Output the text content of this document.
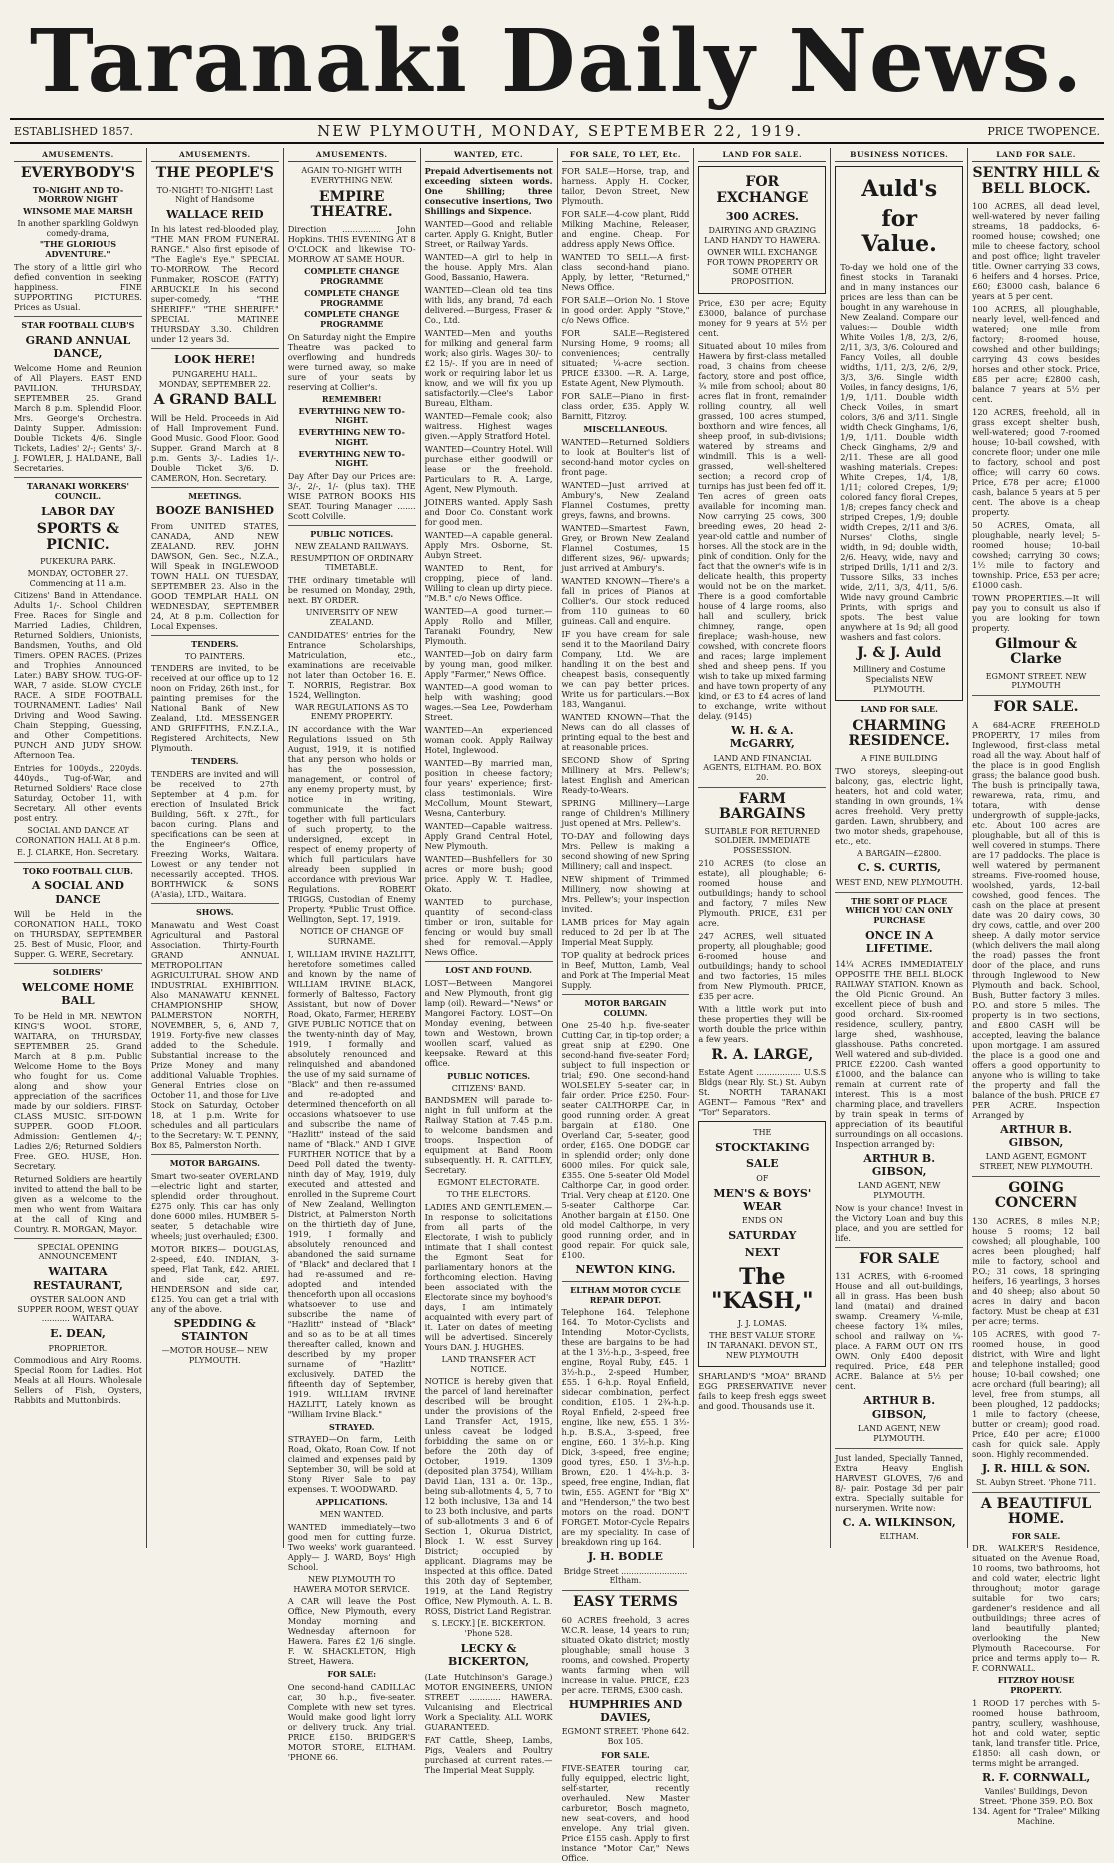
Taranaki Daily News.
ESTABLISHED 1857.	NEW PLYMOUTH, MONDAY, SEPTEMBER 22, 1919.	PRICE TWOPENCE.
AMUSEMENTS.
EVERYBODY'S
TO-NIGHT AND TO-MORROW NIGHT
WINSOME MAE MARSH
In another sparkling Goldwyn comedy-drama,
"THE GLORIOUS ADVENTURE."
The story of a little girl who defied convention in seeking happiness. FINE SUPPORTING PICTURES. Prices as Usual.
STAR FOOTBALL CLUB'S
GRAND ANNUAL DANCE,
Welcome Home and Reunion of All Players. EAST END PAVILION. THURSDAY, SEPTEMBER 25. Grand March 8 p.m. Splendid Floor. Mrs. George's Orchestra. Dainty Supper. Admission: Double Tickets 4/6. Single Tickets, Ladies' 2/-; Gents' 3/-. J. FOWLER, J. HALDANE, Ball Secretaries.
TARANAKI WORKERS' COUNCIL.
LABOR DAY
SPORTS & PICNIC.
PUKEKURA PARK.
MONDAY, OCTOBER 27. Commencing at 11 a.m.
Citizens' Band in Attendance. Adults 1/-. School Children Free. Races for Single and Married Ladies, Children, Returned Soldiers, Unionists, Bandsmen, Youths, and Old Timers. OPEN RACES. (Prizes and Trophies Announced Later.) BABY SHOW. TUG-OF-WAR, 7 aside. SLOW CYCLE RACE. A SIDE FOOTBALL TOURNAMENT. Ladies' Nail Driving and Wood Sawing. Chain Stepping, Guessing, and Other Competitions. PUNCH AND JUDY SHOW. Afternoon Tea.
Entries for 100yds., 220yds. 440yds., Tug-of-War, and Returned Soldiers' Race close Saturday, October 11, with Secretary. All other events post entry.
SOCIAL AND DANCE AT CORONATION HALL At 8 p.m.
E. J. CLARKE, Hon. Secretary.
TOKO FOOTBALL CLUB.
A SOCIAL AND DANCE
Will be Held in the CORONATION HALL, TOKO on THURSDAY, SEPTEMBER 25. Best of Music, Floor, and Supper. G. WERE, Secretary.
SOLDIERS'
WELCOME HOME BALL
To be Held in MR. NEWTON KING'S WOOL STORE, WAITARA, on THURSDAY, SEPTEMBER 25. Grand March at 8 p.m. Public Welcome Home to the Boys who fought for us. Come along and show your appreciation of the sacrifices made by our soldiers. FIRST-CLASS MUSIC. SIT-DOWN SUPPER. GOOD FLOOR. Admission: Gentlemen 4/-; Ladies 2/6; Returned Soldiers Free. GEO. HUSE, Hon. Secretary.
Returned Soldiers are heartily invited to attend the ball to be given as a welcome to the men who went from Waitara at the call of King and Country. R. MORGAN, Mayor.
SPECIAL OPENING ANNOUNCEMENT
WAITARA RESTAURANT,
OYSTER SALOON AND SUPPER ROOM, WEST QUAY ........... WAITARA.
E. DEAN,
PROPRIETOR.
Commodious and Airy Rooms. Special Room for Ladies. Hot Meals at all Hours. Wholesale Sellers of Fish, Oysters, Rabbits and Muttonbirds.
AMUSEMENTS.
THE PEOPLE'S
TO-NIGHT! TO-NIGHT! Last Night of Handsome
WALLACE REID
In his latest red-blooded play, "THE MAN FROM FUNERAL RANGE." Also first episode of "The Eagle's Eye." SPECIAL TO-MORROW. The Record Funmaker, ROSCOE (FATTY) ARBUCKLE In his second super-comedy, "THE SHERIFF." "THE SHERIFF." SPECIAL MATINEE THURSDAY 3.30. Children under 12 years 3d.
LOOK HERE!
PUNGAREHU HALL. MONDAY, SEPTEMBER 22.
A GRAND BALL
Will be Held. Proceeds in Aid of Hall Improvement Fund. Good Music. Good Floor. Good Supper. Grand March at 8 p.m. Gents 3/-. Ladies 1/-. Double Ticket 3/6. D. CAMERON, Hon. Secretary.
MEETINGS.
BOOZE BANISHED
From UNITED STATES, CANADA, AND NEW ZEALAND. REV. JOHN DAWSON, Gen. Sec., N.Z.A., Will Speak in INGLEWOOD TOWN HALL ON TUESDAY, SEPTEMBER 23. Also in the GOOD TEMPLAR HALL ON WEDNESDAY, SEPTEMBER 24, At 8 p.m. Collection for Local Expenses.
TENDERS.
TO PAINTERS.
TENDERS are invited, to be received at our office up to 12 noon on Friday, 26th inst., for painting premises for the National Bank of New Zealand, Ltd. MESSENGER AND GRIFFITHS, F.N.Z.I.A., Registered Architects, New Plymouth.
TENDERS.
TENDERS are invited and will be received to 27th September at 4 p.m. for erection of Insulated Brick Building, 56ft. x 27ft., for bacon curing. Plans and specifications can be seen at the Engineer's Office, Freezing Works, Waitara. Lowest or any tender not necessarily accepted. THOS. BORTHWICK & SONS (A'asia), LTD., Waitara.
SHOWS.
Manawatu and West Coast Agricultural and Pastoral Association. Thirty-Fourth GRAND ANNUAL METROPOLITAN AGRICULTURAL SHOW AND INDUSTRIAL EXHIBITION. Also MANAWATU KENNEL CHAMPIONSHIP SHOW, PALMERSTON NORTH, NOVEMBER, 5, 6, AND 7, 1919. Forty-five new classes added to the Schedule. Substantial increase to the Prize Money and many additional Valuable Trophies. General Entries close on October 11, and those for Live Stock on Saturday, October 18, at 1 p.m. Write for schedules and all particulars to the Secretary: W. T. PENNY, Box 85, Palmerston North.
MOTOR BARGAINS.
Smart two-seater OVERLAND—electric light and starter, splendid order throughout. £275 only. This car has only done 6000 miles. HUMBER 5-seater, 5 detachable wire wheels; just overhauled; £300.
MOTOR BIKES— DOUGLAS, 2-speed, £40. INDIAN, 3-speed, Flat Tank, £42. ARIEL and side car, £97. HENDERSON and side car, £125. You can get a trial with any of the above.
SPEDDING & STAINTON
—MOTOR HOUSE— NEW PLYMOUTH.
AMUSEMENTS.
AGAIN TO-NIGHT WITH EVERYTHING NEW.
EMPIRE THEATRE.
Direction ............... John Hopkins. THIS EVENING AT 8 O'CLOCK and likewise TO-MORROW AT SAME HOUR.
COMPLETE CHANGE PROGRAMME
COMPLETE CHANGE PROGRAMME
COMPLETE CHANGE PROGRAMME
On Saturday night the Empire Theatre was packed to overflowing and hundreds were turned away, so make sure of your seats by reserving at Collier's.
REMEMBER!
EVERYTHING NEW TO-NIGHT.
EVERYTHING NEW TO-NIGHT.
EVERYTHING NEW TO-NIGHT.
Day After Day our Prices are: 3/-, 2/-, 1/- (plus tax). THE WISE PATRON BOOKS HIS SEAT. Touring Manager ....... Scott Colville.
PUBLIC NOTICES.
NEW ZEALAND RAILWAYS.
RESUMPTION OF ORDINARY TIMETABLE.
THE ordinary timetable will be resumed on Monday, 29th, next. BY ORDER.
UNIVERSITY OF NEW ZEALAND.
CANDIDATES' entries for the Entrance Scholarships, Matriculation, etc., examinations are receivable not later than October 16. E. T. NORRIS, Registrar. Box 1524, Wellington.
WAR REGULATIONS AS TO ENEMY PROPERTY.
IN accordance with the War Regulations issued on 5th August, 1919, it is notified that any person who holds or has the possession, management, or control of any enemy property must, by notice in writing, communicate the fact together with full particulars of such property, to the undersigned, except in respect of enemy property of which full particulars have already been supplied in accordance with previous War Regulations. ROBERT TRIGGS, Custodian of Enemy Property. *Public Trust Office. Wellington, Sept. 17, 1919.
NOTICE OF CHANGE OF SURNAME.
I, WILLIAM IRVINE HAZLITT, heretofore sometimes called and known by the name of WILLIAM IRVINE BLACK, formerly of Baltesso, Factory Assistant, but now of Dover Road, Okato, Farmer, HEREBY GIVE PUBLIC NOTICE that on the twenty-ninth day of May, 1919, I formally and absolutely renounced and relinquished and abandoned the use of my said surname of "Black" and then re-assumed and re-adopted and determined thenceforth on all occasions whatsoever to use and subscribe the name of "Hazlitt" instead of the said name of "Black." AND I GIVE FURTHER NOTICE that by a Deed Poll dated the twenty-ninth day of May, 1919, duly executed and attested and enrolled in the Supreme Court of New Zealand, Wellington District, at Palmerston North on the thirtieth day of June, 1919, I formally and absolutely renounced and abandoned the said surname of "Black" and declared that I had re-assumed and re-adopted and intended thenceforth upon all occasions whatsoever to use and subscribe the name of "Hazlitt" instead of "Black" and so as to be at all times thereafter called, known and described by my proper surname of "Hazlitt" exclusively. DATED the fifteenth day of September, 1919. WILLIAM IRVINE HAZLITT, Lately known as "William Irvine Black."
STRAYED.
STRAYED—On farm, Leith Road, Okato, Roan Cow. If not claimed and expenses paid by September 30, will be sold at Stony River Sale to pay expenses. T. WOODWARD.
APPLICATIONS.
MEN WANTED.
WANTED immediately—two good men for cutting furze. Two weeks' work guaranteed. Apply— J. WARD, Boys' High School.
NEW PLYMOUTH TO HAWERA MOTOR SERVICE.
A CAR will leave the Post Office, New Plymouth, every Monday morning and Wednesday afternoon for Hawera. Fares £2 1/6 single. F. W. SHACKLETON, High Street, Hawera.
FOR SALE:
One second-hand CADILLAC car, 30 h.p., five-seater. Complete with new set tyres. Would make good light lorry or delivery truck. Any trial. PRICE £150. BRIDGER'S MOTOR STORE, ELTHAM. 'PHONE 66.
WANTED, ETC.
Prepaid Advertisements not exceeding sixteen words. One Shilling; three consecutive insertions, Two Shillings and Sixpence.

WANTED—Good and reliable carter. Apply G. Knight, Butler Street, or Railway Yards.

WANTED—A girl to help in the house. Apply Mrs. Alan Good, Bassanio, Hawera.

WANTED—Clean old tea tins with lids, any brand, 7d each delivered.—Burgess, Fraser & Co., Ltd.

WANTED—Men and youths for milking and general farm work; also girls. Wages 30/- to £2 15/-. If you are in need of work or requiring labor let us know, and we will fix you up satisfactorily.—Clee's Labor Bureau, Eltham.

WANTED—Female cook; also waitress. Highest wages given.—Apply Stratford Hotel.

WANTED—Country Hotel. Will purchase either goodwill or lease or the freehold. Particulars to R. A. Large, Agent, New Plymouth.

JOINERS wanted. Apply Sash and Door Co. Constant work for good men.

WANTED—A capable general. Apply Mrs. Osborne, St. Aubyn Street.

WANTED to Rent, for cropping, piece of land. Willing to clean up dirty piece. "M.B." c/o News Office.

WANTED—A good turner.—Apply Rollo and Miller, Taranaki Foundry, New Plymouth.

WANTED—Job on dairy farm by young man, good milker. Apply "Farmer," News Office.

WANTED—A good woman to help with washing; good wages.—Sea Lee, Powderham Street.

WANTED—An experienced woman cook. Apply Railway Hotel, Inglewood.

WANTED—By married man, position in cheese factory; four years' experience; first-class testimonials. Wire McCollum, Mount Stewart, Wesna, Canterbury.

WANTED—Capable waitress. Apply Grand Central Hotel, New Plymouth.

WANTED—Bushfellers for 30 acres or more bush; good price. Apply W. T. Hadlee, Okato.

WANTED to purchase, quantity of second-class timber or iron, suitable for fencing or would buy small shed for removal.—Apply News Office.

LOST AND FOUND.
LOST—Between Mangorei and New Plymouth, front gig lamp (oil). Reward—"News" or Mangorei Factory. LOST—On Monday evening, between town and Westown, brown woollen scarf, valued as keepsake. Reward at this office.
PUBLIC NOTICES.
CITIZENS' BAND.
BANDSMEN will parade to-night in full uniform at the Railway Station at 7.45 p.m. to welcome bandsmen and troops. Inspection of equipment at Band Room subsequently. H. R. CATTLEY, Secretary.
EGMONT ELECTORATE.
TO THE ELECTORS.
LADIES AND GENTLEMEN.—In response to solicitations from all parts of the Electorate, I wish to publicly intimate that I shall contest the Egmont Seat for parliamentary honors at the forthcoming election. Having been associated with the Electorate since my boyhood's days, I am intimately acquainted with every part of it. Later on dates of meeting will be advertised. Sincerely Yours DAN. J. HUGHES.
LAND TRANSFER ACT NOTICE.
NOTICE is hereby given that the parcel of land hereinafter described will be brought under the provisions of the Land Transfer Act, 1915, unless caveat be lodged forbidding the same on or before the 20th day of October, 1919. 1309 (deposited plan 3754), William David Lian, 131 a. 0r. 13p., being sub-allotments 4, 5, 7 to 12 both inclusive, 13a and 14 to 23 both inclusive, and parts of sub-allotments 3 and 6 of Section 1, Okurua District, Block I. W. esst Survey District; occupied by applicant. Diagrams may be inspected at this office. Dated this 20th day of September, 1919, at the Land Registry Office, New Plymouth. A. L. B. ROSS, District Land Registrar.
S. LECKY.] [E. BICKERTON. 'Phone 528.
LECKY & BICKERTON,
(Late Hutchinson's Garage.) MOTOR ENGINEERS, UNION STREET ............ HAWERA. Vulcanising and Electrical Work a Speciality. ALL WORK GUARANTEED.
FAT Cattle, Sheep, Lambs, Pigs, Vealers and Poultry purchased at current rates.—The Imperial Meat Supply.
FOR SALE, TO LET, Etc.

FOR SALE—Horse, trap, and harness. Apply H. Cocker, tailor, Devon Street, New Plymouth.

FOR SALE—4-cow plant, Ridd Milking Machine, Releaser, and engine. Cheap. For address apply News Office.

WANTED TO SELL—A first-class second-hand piano. Apply, by letter, "Returned," News Office.

FOR SALE—Orion No. 1 Stove in good order. Apply "Stove," c/o News Office.

FOR SALE—Registered Nursing Home, 9 rooms; all conveniences; centrally situated; ¼-acre section. PRICE £3300. —R. A. Large, Estate Agent, New Plymouth.

FOR SALE—Piano in first-class order, £35. Apply W. Barnitt, Fitzroy.

MISCELLANEOUS.

WANTED—Returned Soldiers to look at Boulter's list of second-hand motor cycles on front page.

WANTED—Just arrived at Ambury's, New Zealand Flannel Costumes, pretty greys, fawns, and browns.

WANTED—Smartest Fawn, Grey, or Brown New Zealand Flannel Costumes, 15 different sizes, 96/- upwards; just arrived at Ambury's.

WANTED KNOWN—There's a fall in prices of Pianos at Collier's. Our stock reduced from 110 guineas to 60 guineas. Call and enquire.

IF you have cream for sale send it to the Maoriland Dairy Company, Ltd. We are handling it on the best and cheapest basis, consequently we can pay better prices. Write us for particulars.—Box 183, Wanganui.

WANTED KNOWN—That the News can do all classes of printing equal to the best and at reasonable prices.

SECOND Show of Spring Millinery at Mrs. Pellew's; latest English and American Ready-to-Wears.

SPRING Millinery—Large range of Children's Millinery just opened at Mrs. Pellew's.

TO-DAY and following days Mrs. Pellew is making a second showing of new Spring Millinery; call and inspect.

NEW shipment of Trimmed Millinery, now showing at Mrs. Pellew's; your inspection invited.

LAMB prices for May again reduced to 2d per lb at The Imperial Meat Supply.

TOP quality at bedrock prices in Beef, Mutton, Lamb, Veal and Pork at The Imperial Meat Supply.

MOTOR BARGAIN COLUMN.
One 25-40 h.p. five-seater Cutting Car, in tip-top order; a great snip at £290. One second-hand five-seater Ford; subject to full inspection or trial; £90. One second-hand WOLSELEY 5-seater car, in fair order. Price £250. Four-seater CALTHORPE Car, in good running order. A great bargain at £180. One Overland Car, 5-seater, good order, £165. One DODGE car in splendid order; only done 6000 miles. For quick sale, £355. One 5-seater Old Model Calthorpe Car, in good order. Trial. Very cheap at £120. One 5-seater Calthorpe Car. Another bargain at £150. One old model Calthorpe, in very good running order, and in good repair. For quick sale, £100.
NEWTON KING.
ELTHAM MOTOR CYCLE REPAIR DEPOT.
Telephone 164. Telephone 164. To Motor-Cyclists and Intending Motor-Cyclists, these are bargains to be had at the 1 3½-h.p., 3-speed, free engine, Royal Ruby, £45. 1 3½-h.p., 2-speed Humber, £55. 1 6-h.p. Royal Enfield, sidecar combination, perfect condition, £105. 1 2¾-h.p. Royal Enfield, 2-speed free engine, like new, £55. 1 3½-h.p. B.S.A., 3-speed, free engine, £60. 1 3½-h.p. King Dick, 3-speed, free engine; good tyres, £50. 1 3½-h.p. Brown, £20. 1 4¼-h.p. 3-speed, free engine, Indian, flat twin, £55. AGENT for "Big X" and "Henderson," the two best motors on the road. DON'T FORGET. Motor-Cycle Repairs are my speciality. In case of breakdown ring up 164.
J. H. BODLE
Bridge Street .......................... Eltham.
EASY TERMS
60 ACRES freehold, 3 acres W.C.R. lease, 14 years to run; situated Okato district; mostly ploughable; small house 3 rooms, and cowshed. Property wants farming when will increase in value. PRICE, £23 per acre. TERMS, £300 cash.
HUMPHRIES AND DAVIES,
EGMONT STREET. 'Phone 642. Box 105.
FOR SALE.
FIVE-SEATER touring car, fully equipped, electric light, self-starter, recently overhauled. New Master carburetor, Bosch magneto, new seat-covers, and hood envelope. Any trial given. Price £155 cash. Apply to first instance "Motor Car," News Office.
LAND FOR SALE.
FOR EXCHANGE
300 ACRES.
DAIRYING AND GRAZING LAND HANDY TO HAWERA.
OWNER WILL EXCHANGE FOR TOWN PROPERTY OR SOME OTHER PROPOSITION.
Price, £30 per acre; Equity £3000, balance of purchase money for 9 years at 5½ per cent.
Situated about 10 miles from Hawera by first-class metalled road, 3 chains from cheese factory, store and post office, ¾ mile from school; about 80 acres flat in front, remainder rolling country, all well grassed, 100 acres stumped, boxthorn and wire fences, all sheep proof, in sub-divisions; watered by streams and windmill. This is a well-grassed, well-sheltered section; a record crop of turnips has just been fed off it. Ten acres of green oats available for incoming man. Now carrying 25 cows, 300 breeding ewes, 20 head 2-year-old cattle and number of horses. All the stock are in the pink of condition. Only for the fact that the owner's wife is in delicate health, this property would not be on the market. There is a good comfortable house of 4 large rooms, also hall and scullery, brick chimney, range, open fireplace; wash-house, new cowshed, with concrete floors and races; large implement shed and sheep pens. If you wish to take up mixed farming and have town property of any kind, or £3 to £4 acres of land to exchange, write without delay. (9145)
W. H. & A. McGARRY,
LAND AND FINANCIAL AGENTS, ELTHAM. P.O. BOX 20.
FARM BARGAINS
SUITABLE FOR RETURNED SOLDIER. IMMEDIATE POSSESSION.
210 ACRES (to close an estate), all ploughable; 6-roomed house and outbuildings; handy to school and factory, 7 miles New Plymouth. PRICE, £31 per acre.
247 ACRES, well situated property, all ploughable; good 6-roomed house and outbuildings; handy to school and two factories, 15 miles from New Plymouth. PRICE, £35 per acre.
With a little work put into these properties they will be worth double the price within a few years.
R. A. LARGE,
Estate Agent ................. U.S.S Bldgs (near Rly. St.) St. Aubyn St. NORTH TARANAKI AGENT— Famous "Rex" and "Tor" Separators.
THE
STOCKTAKING
SALE
OF
MEN'S & BOYS' WEAR
ENDS ON
SATURDAY
NEXT
The "KASH,"
J. J. LOMAS.
THE BEST VALUE STORE IN TARANAKI. DEVON ST., NEW PLYMOUTH
SHARLAND'S "MOA" BRAND EGG PRESERVATIVE never fails to keep fresh eggs sweet and good. Thousands use it.
BUSINESS NOTICES.
Auld's
for Value.
To-day we hold one of the finest stocks in Taranaki and in many instances our prices are less than can be bought in any warehouse in New Zealand. Compare our values:— Double width White Voiles 1/8, 2/3, 2/6, 2/11, 3/3, 3/6. Coloured and Fancy Voiles, all double widths, 1/11, 2/3, 2/6, 2/9, 3/3, 3/6. Single width Voiles, in fancy designs, 1/6, 1/9, 1/11. Double width Check Voiles, in smart colors, 3/6 and 3/11. Single width Check Ginghams, 1/6, 1/9, 1/11. Double width Check Ginghams, 2/9 and 2/11. These are all good washing materials. Crepes: White Crepes, 1/4, 1/8, 1/11; colored Crepes, 1/9; colored fancy floral Crepes, 1/8; crepes fancy check and striped Crepes, 1/9; double width Crepes, 2/11 and 3/6. Nurses' Cloths, single width, in 9d; double width, 2/6. Heavy, wide, navy and striped Drills, 1/11 and 2/3. Tussore Silks, 33 inches wide, 2/11, 3/3, 4/11, 5/6. Wide navy ground Cambric Prints, with sprigs and spots. The best value anywhere at 1s 9d; all good washers and fast colors.
J. & J. Auld
Millinery and Costume Specialists NEW PLYMOUTH.
LAND FOR SALE.
CHARMING RESIDENCE.
A FINE BUILDING
TWO storeys, sleeping-out balcony, gas, electric light, heaters, hot and cold water, standing in own grounds, 1¾ acres freehold. Very pretty garden. Lawn, shrubbery, and two motor sheds, grapehouse, etc., etc.
A BARGAIN—£2800.
C. S. CURTIS,
WEST END, NEW PLYMOUTH.
THE SORT OF PLACE WHICH YOU CAN ONLY PURCHASE
ONCE IN A LIFETIME.
14¼ ACRES IMMEDIATELY OPPOSITE THE BELL BLOCK RAILWAY STATION. Known as the Old Picnic Ground. An excellent piece of bush and good orchard. Six-roomed residence, scullery, pantry, large shed, washhouse, glasshouse. Paths concreted. Well watered and sub-divided. PRICE £2200. Cash wanted £1000, and the balance can remain at current rate of interest. This is a most charming place, and travellers by train speak in terms of appreciation of its beautiful surroundings on all occasions. Inspection arranged by:
ARTHUR B. GIBSON,
LAND AGENT, NEW PLYMOUTH.
Now is your chance! Invest in the Victory Loan and buy this place, and you are settled for life.
FOR SALE
131 ACRES, with 6-roomed House and all out-buildings, all in grass. Has been bush land (matai) and drained swamp. Creamery ¼-mile, cheese factory 1¾ miles, school and railway on ¼-place. A FARM OUT ON ITS OWN. Only £400 deposit required. Price, £48 PER ACRE. Balance at 5½ per cent.
ARTHUR B. GIBSON,
LAND AGENT, NEW PLYMOUTH.
Just landed, Specially Tanned, Extra Heavy English HARVEST GLOVES, 7/6 and 8/- pair. Postage 3d per pair extra. Specially suitable for nurserymen. Write now:
C. A. WILKINSON,
ELTHAM.
LAND FOR SALE.
SENTRY HILL & BELL BLOCK.
100 ACRES, all dead level, well-watered by never failing streams, 18 paddocks, 6-roomed house; cowshed; one mile to cheese factory, school and post office; light traveler title. Owner carrying 33 cows, 6 heifers and 4 horses. Price, £60; £3000 cash, balance 6 years at 5 per cent.
100 ACRES, all ploughable, nearly level, well-fenced and watered; one mile from factory; 8-roomed house, cowshed and other buildings; carrying 43 cows besides horses and other stock. Price, £85 per acre; £2800 cash, balance 7 years at 5½ per cent.
120 ACRES, freehold, all in grass except shelter bush, well-watered; good 7-roomed house; 10-bail cowshed, with concrete floor; under one mile to factory, school and post office; will carry 60 cows. Price, £78 per acre; £1000 cash, balance 5 years at 5 per cent. The above is a cheap property.
50 ACRES, Omata, all ploughable, nearly level; 5-roomed house; 10-bail cowshed; carrying 30 cows; 1½ mile to factory and township. Price, £53 per acre; £1000 cash.
TOWN PROPERTIES.—It will pay you to consult us also if you are looking for town property.
Gilmour & Clarke
EGMONT STREET. NEW PLYMOUTH
FOR SALE.
A 684-ACRE FREEHOLD PROPERTY, 17 miles from Inglewood, first-class metal road all the way. About half of the place is in good English grass; the balance good bush. The bush is principally tawa, rewarewa, rata, rimu, and totara, with dense undergrowth of supple-jacks, etc. About 100 acres are ploughable, but all of this is well covered in stumps. There are 17 paddocks. The place is well watered by permanent streams. Five-roomed house, woolshed, yards, 12-bail cowshed, good fences. The cash on the place at present date was 20 dairy cows, 30 dry cows, cattle, and over 200 sheep. A daily motor service (which delivers the mail along the road) passes the front door of the place, and runs through Inglewood to New Plymouth and back. School, Bush, Butter factory 3 miles. P.O. and store 5 miles. The property is in two sections, and £800 CASH will be accepted, leaving the balance upon mortgage. I am assured the place is a good one and offers a good opportunity to anyone who is willing to take the property and fall the balance of the bush. PRICE £7 PER ACRE. Inspection Arranged by
ARTHUR B. GIBSON,
LAND AGENT, EGMONT STREET, NEW PLYMOUTH.
GOING CONCERN
130 ACRES, 8 miles N.P.; house 5 rooms; 12 bail cowshed; all ploughable, 100 acres been ploughed; half mile to factory, school and P.O.; 31 cows, 18 springing heifers, 16 yearlings, 3 horses and 40 sheep; also about 50 acres in dairy and bacon factory. Must be cheap at £31 per acre; terms.
105 ACRES, with good 7-roomed house, in good district, with Wire and light and telephone installed; good house; 10-bail cowshed; one acre orchard (full bearing); all level, free from stumps, all been ploughed, 12 paddocks; 1 mile to factory (cheese, butter or cream); good road. Price, £40 per acre; £1000 cash for quick sale. Apply soon. Highly recommended.
J. R. HILL & SON.
St. Aubyn Street. 'Phone 711.
A BEAUTIFUL HOME.
FOR SALE.
DR. WALKER'S Residence, situated on the Avenue Road, 10 rooms, two bathrooms, hot and cold water, electric light throughout; motor garage suitable for two cars; gardener's residence and all outbuildings; three acres of land beautifully planted; overlooking the New Plymouth Racecourse. For price and terms apply to— R. F. CORNWALL.
FITZROY HOUSE PROPERTY.
1 ROOD 17 perches with 5-roomed house bathroom, pantry, scullery, washhouse, hot and cold water, septic tank, land transfer title. Price, £1850: all cash down, or terms might be arranged.
R. F. CORNWALL,
Vaniles' Buildings, Devon Street. 'Phone 359. P.O. Box 134. Agent for "Tralee" Milking Machine.
